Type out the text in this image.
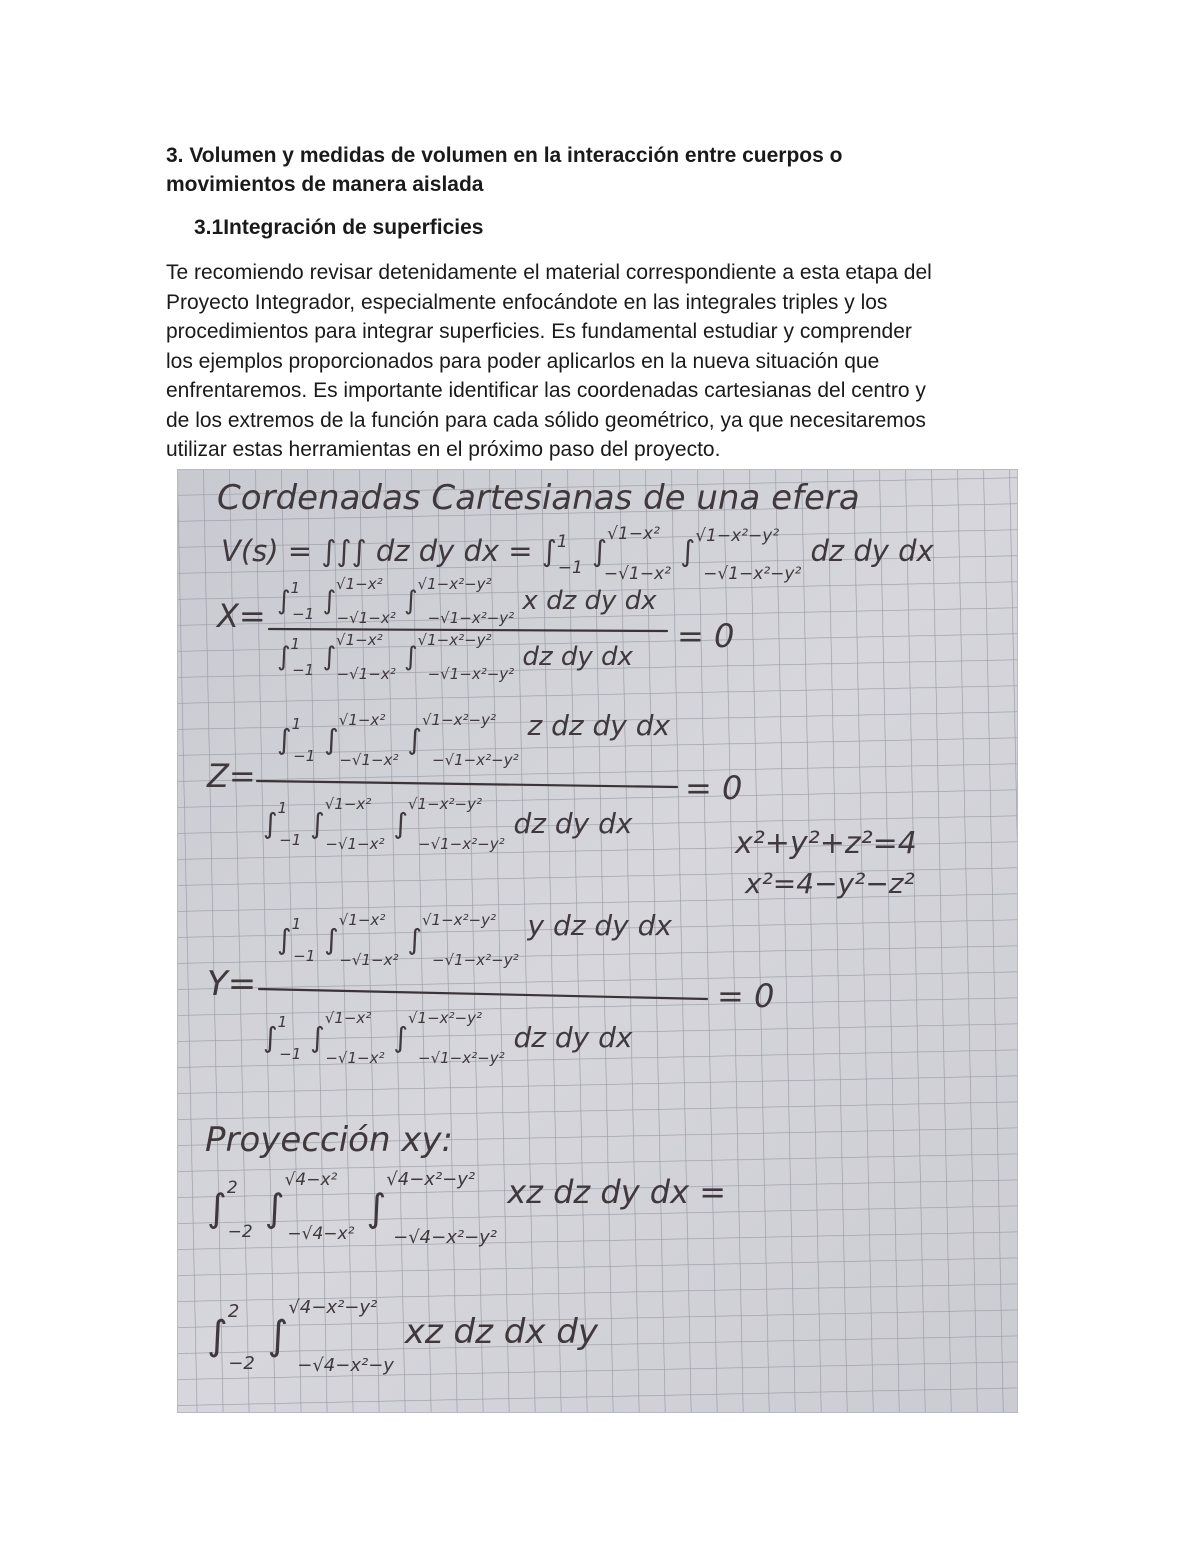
3. Volumen y medidas de volumen en la interacción entre cuerpos o
movimientos de manera aislada
3.1Integración de superficies

Te recomiendo revisar detenidamente el material correspondiente a esta etapa del
Proyecto Integrador, especialmente enfocándote en las integrales triples y los
procedimientos para integrar superficies. Es fundamental estudiar y comprender
los ejemplos proporcionados para poder aplicarlos en la nueva situación que
enfrentaremos. Es importante identificar las coordenadas cartesianas del centro y
de los extremos de la función para cada sólido geométrico, ya que necesitaremos
utilizar estas herramientas en el próximo paso del proyecto.

Cordenadas Cartesianas de una efera
V(s) = ∫∫∫ dz dy dx = ∫$^1$ −1 ∫$^{√1-x^2}$ −√1−x² ∫$^{√1-x^2-y^2}$ −√1−x²−y² dz dy dx
X= ∫$^1$ −1 ∫$^{√1-x^2}$ −√1−x² ∫$^{√1-x^2-y^2}$ −√1−x²−y² x dz dy dx
∫$^1$ −1 ∫$^{√1-x^2}$ −√1−x² ∫$^{√1-x^2-y^2}$ −√1−x²−y² dz dy dx
= 0
∫$^1$ −1 ∫$^{√1-x^2}$ −√1−x² ∫$^{√1-x^2-y^2}$ −√1−x²−y² z dz dy dx
Z=
∫$^1$ −1 ∫$^{√1-x^2}$ −√1−x² ∫$^{√1-x^2-y^2}$ −√1−x²−y² dz dy dx
= 0
x²+y²+z²=4
x²=4−y²−z²
∫$^1$ −1 ∫$^{√1-x^2}$ −√1−x² ∫$^{√1-x^2-y^2}$ −√1−x²−y² y dz dy dx
Y=
∫$^1$ −1 ∫$^{√1-x^2}$ −√1−x² ∫$^{√1-x^2-y^2}$ −√1−x²−y² dz dy dx
= 0
Proyección xy:
∫$^2$ −2 ∫$^{√4-x^2}$ −√4−x² ∫$^{√4-x^2-y^2}$ −√4−x²−y² $^{xz dz dy dx =}$
∫$^2$ −2 ∫$^{√4-x^2-y^2}$ −√4−x²−y $^{xz dz dx dy}$
